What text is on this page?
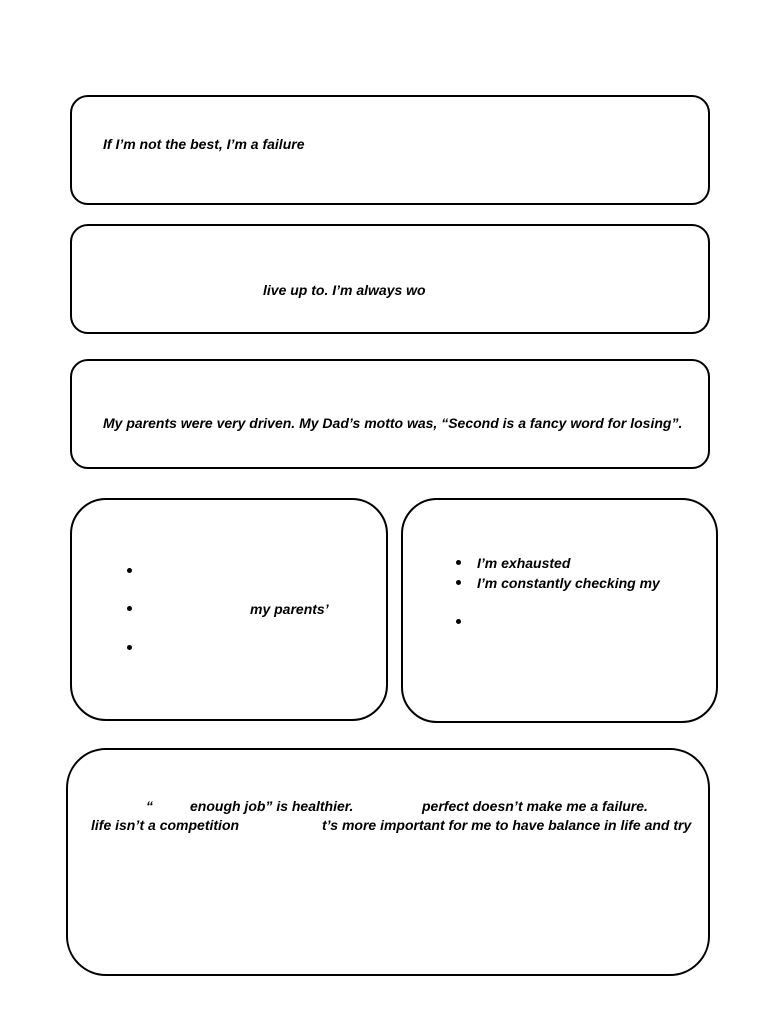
If I’m not the best, I’m a failure
live up to. I’m always wo
My parents were very driven. My Dad’s motto was, “Second is a fancy word for losing”.
my parents’
I’m exhausted
I’m constantly checking my
“	enough job” is healthier.	perfect doesn’t make me a failure.
life isn’t a competition	t’s more important for me to have balance in life and try
